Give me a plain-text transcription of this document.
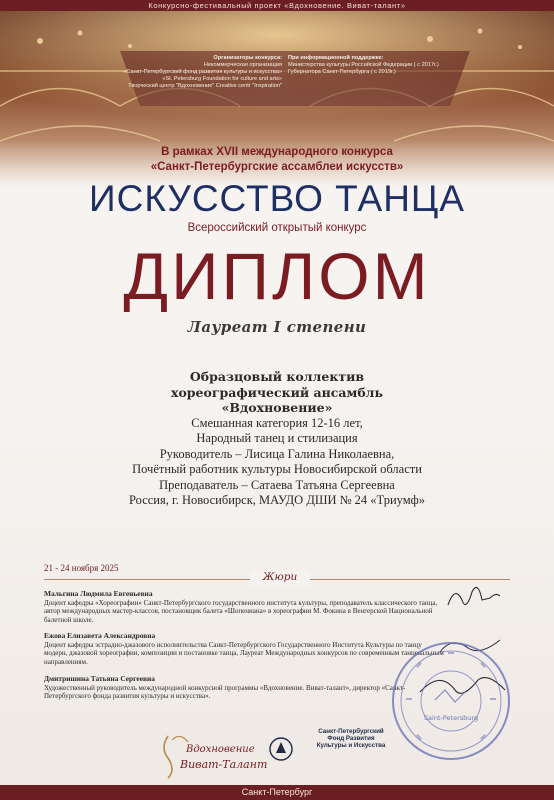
Конкурсно-фестивальный проект «Вдохновение. Виват-талант»
Организаторы конкурса:
Некоммерческая организация
«Санкт-Петербургский фонд развития культуры и искусства»
«St. Petersburg Foundation for culture and arts»
Творческий центр "Вдохновение" Creative centr "Inspiration"
При информационной поддержке:
Министерства культуры Российской Федерации ( с 2017г.)
Губернатора Санкт-Петербурга ( с 2019г.)
В рамках XVII международного конкурса
«Санкт-Петербургские ассамблеи искусств»
ИСКУССТВО ТАНЦА
Всероссийский открытый конкурс
ДИПЛОМ
Лауреат I степени
Образцовый коллектив
хореографический ансамбль
«Вдохновение»
Смешанная категория 12-16 лет,
Народный танец и стилизация
Руководитель – Лисица Галина Николаевна,
Почётный работник культуры Новосибирской области
Преподаватель – Сатаева Татьяна Сергеевна
Россия, г. Новосибирск, МАУДО ДШИ № 24 «Триумф»
21 - 24 ноября 2025
Жюри
Мальгина Людмила Евгеньевна
Доцент кафедры «Хореографии» Санкт-Петербургского государственного института культуры, преподаватель классического танца, автор международных мастер-классов, постановщик балета «Шопениана» в хореографии М. Фокина в Венгерской Национальной балетной школе.
Ежова Елизавета Александровна
Доцент кафедры эстрадно-джазового исполнительства Санкт-Петербургского Государственного Института Культуры по танцу модерн, джазовой хореографии, композиции и постановке танца, Лауреат Международных конкурсов по современным танцевальным направлениям.
Дмитришина Татьяна Сергеевна
Художественный руководитель международной конкурсной программы «Вдохновение. Виват-талант», директор «Санкт-Петербургского фонда развития культуры и искусства».
Saint-Petersburg
Вдохновение
Виват-Талант
Санкт-Петербургский
Фонд Развития
Культуры и Искусства
Санкт-Петербург
